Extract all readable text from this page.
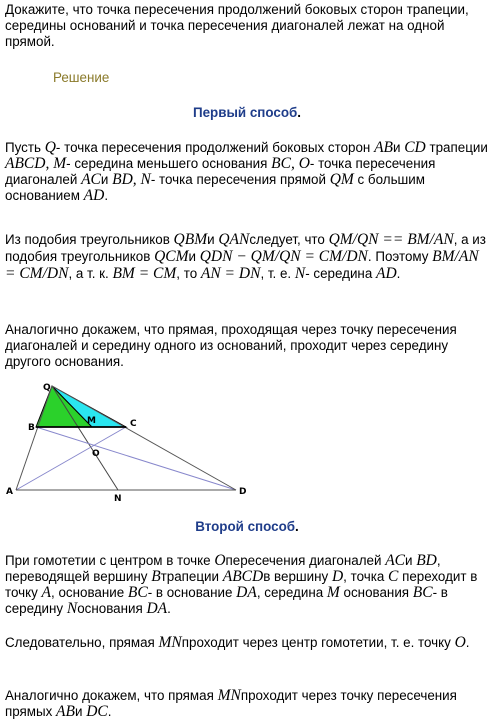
Докажите, что точка пересечения продолжений боковых сторон трапеции, середины оснований и точка пересечения диагоналей лежат на одной прямой.

Решение
Первый способ.

Пусть Q- точка пересечения продолжений боковых сторон ABи CD трапеции ABCD, M- середина меньшего основания BC, O- точка пересечения диагоналей ACи BD, N- точка пересечения прямой QM с большим основанием AD.

Из подобия треугольников QBMи QANследует, что QM/QN == BM/AN, а из подобия треугольников QCMи QDN − QM/QN = CM/DN. Поэтому BM/AN = CM/DN, а т. к. BM = CM, то AN = DN, т. е. N- середина AD.

Аналогично докажем, что прямая, проходящая через точку пересечения диагоналей и середину одного из оснований, проходит через середину другого основания.

Q
B
M	C
O
A
N
D
Второй способ.

При гомотетии с центром в точке Oпересечения диагоналей ACи BD, переводящей вершину Bтрапеции ABCDв вершину D, точка C переходит в точку A, основание BC- в основание DA, середина M основания BC- в середину Nоснования DA.

Следовательно, прямая MNпроходит через центр гомотетии, т. е. точку O.

Аналогично докажем, что прямая MNпроходит через точку пересечения прямых ABи DC.
